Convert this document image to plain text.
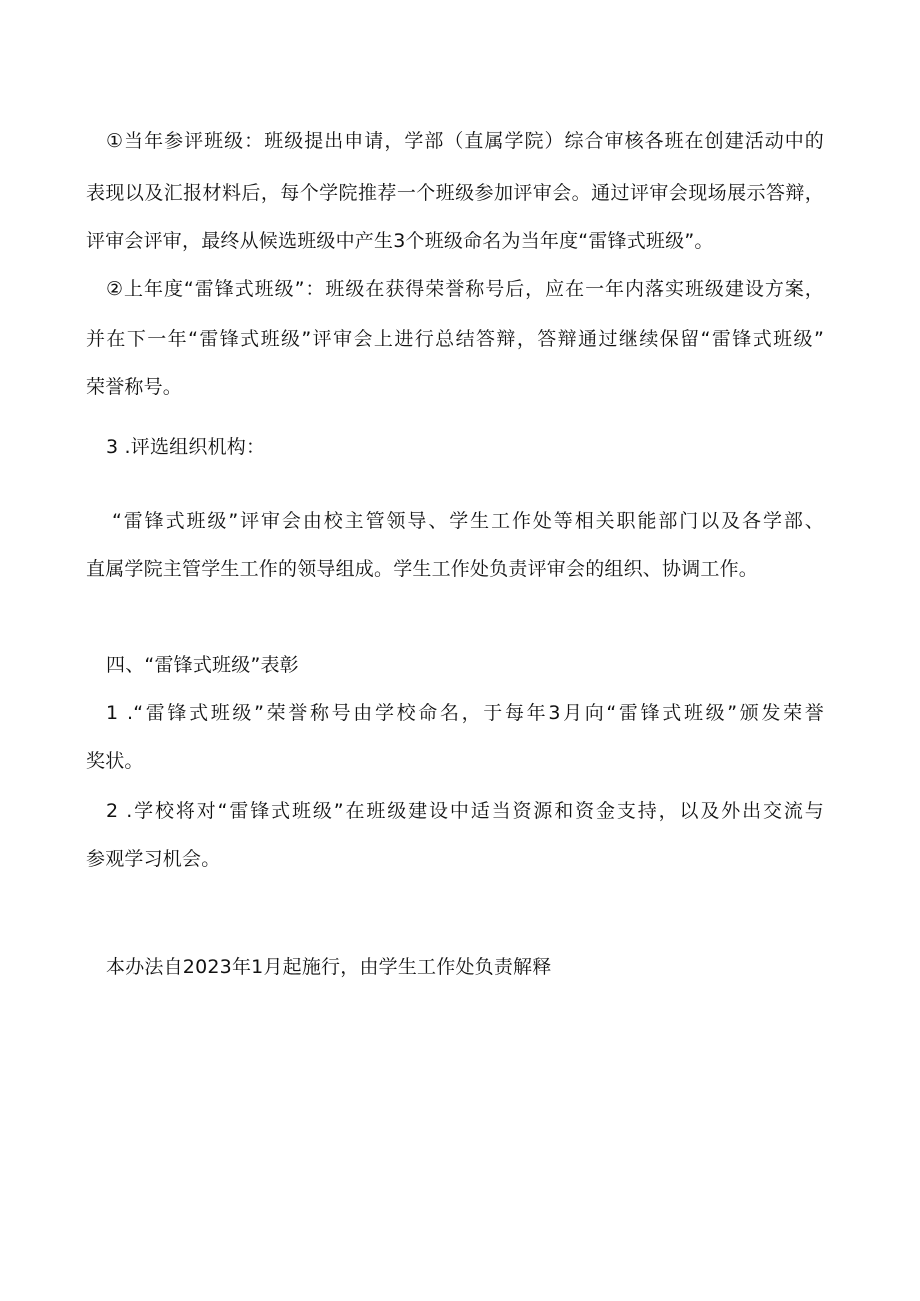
①当年参评班级：班级提出申请，学部（直属学院）综合审核各班在创建活动中的

表现以及汇报材料后，每个学院推荐一个班级参加评审会。通过评审会现场展示答辩，

评审会评审，最终从候选班级中产生3个班级命名为当年度“雷锋式班级”。

②上年度“雷锋式班级”：班级在获得荣誉称号后，应在一年内落实班级建设方案，

并在下一年“雷锋式班级”评审会上进行总结答辩，答辩通过继续保留“雷锋式班级”

荣誉称号。

3 .评选组织机构：

“雷锋式班级”评审会由校主管领导、学生工作处等相关职能部门以及各学部、

直属学院主管学生工作的领导组成。学生工作处负责评审会的组织、协调工作。

四、“雷锋式班级”表彰

1 .“雷锋式班级”荣誉称号由学校命名，于每年3月向“雷锋式班级”颁发荣誉

奖状。

2 .学校将对“雷锋式班级”在班级建设中适当资源和资金支持，以及外出交流与

参观学习机会。

本办法自2023年1月起施行，由学生工作处负责解释
